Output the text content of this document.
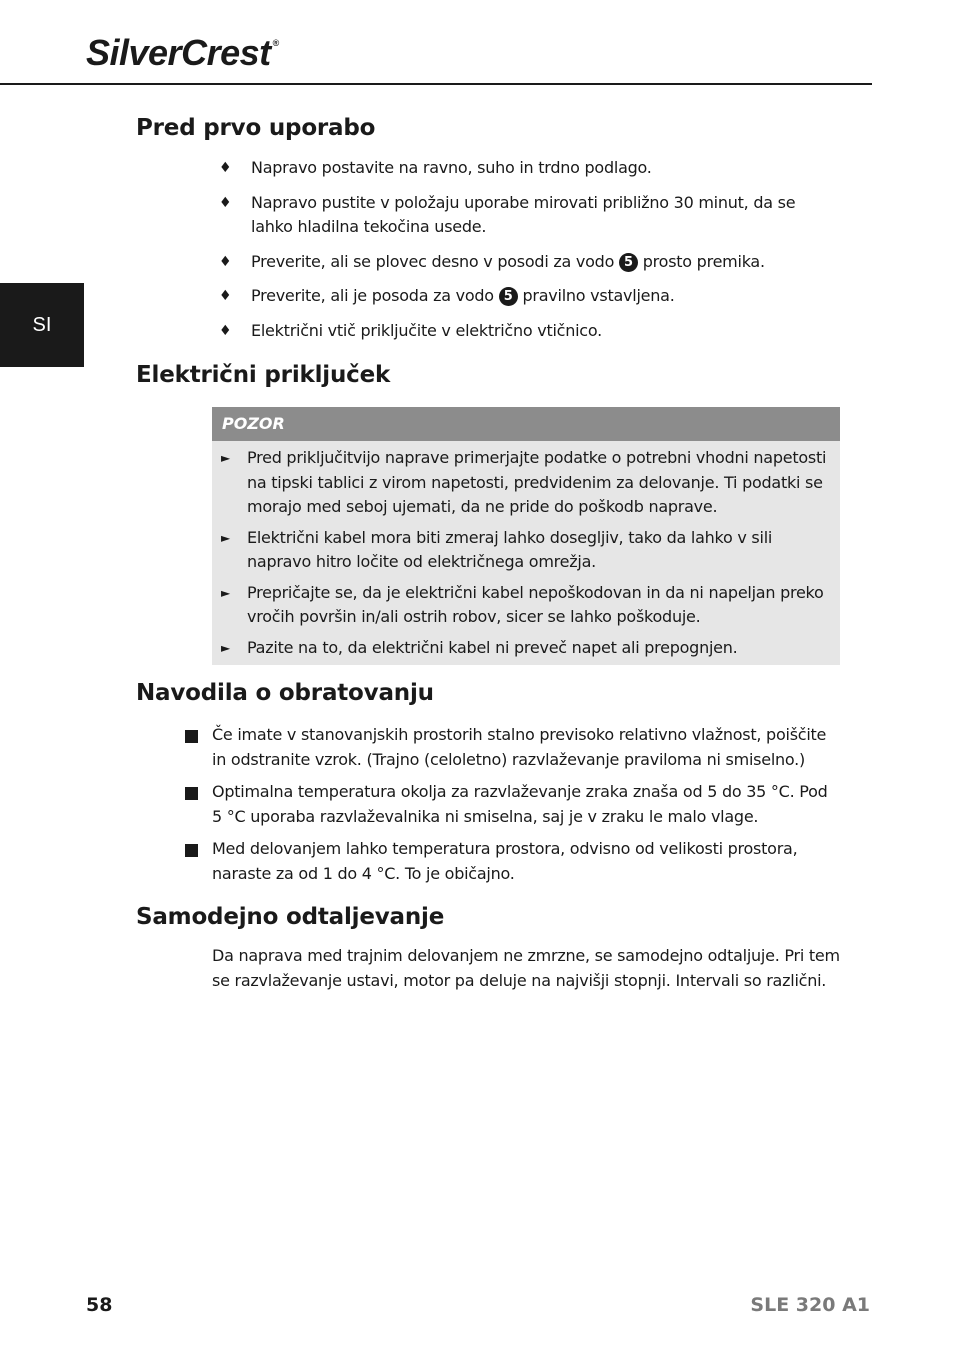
SilverCrest ®
SI
Pred prvo uporabo
♦ Napravo postavite na ravno, suho in trdno podlago.
♦ Napravo pustite v položaju uporabe mirovati približno 30 minut, da se lahko hladilna tekočina usede.
♦ Preverite, ali se plovec desno v posodi za vodo 5 prosto premika.
♦ Preverite, ali je posoda za vodo 5 pravilno vstavljena.
♦ Električni vtič priključite v električno vtičnico.
Električni priključek
POZOR
► Pred priključitvijo naprave primerjajte podatke o potrebni vhodni napetosti na tipski tablici z virom napetosti, predvidenim za delovanje. Ti podatki se morajo med seboj ujemati, da ne pride do poškodb naprave.
► Električni kabel mora biti zmeraj lahko dosegljiv, tako da lahko v sili napravo hitro ločite od električnega omrežja.
► Prepričajte se, da je električni kabel nepoškodovan in da ni napeljan preko vročih površin in/ali ostrih robov, sicer se lahko poškoduje.
► Pazite na to, da električni kabel ni preveč napet ali prepognjen.
Navodila o obratovanju
Če imate v stanovanjskih prostorih stalno previsoko relativno vlažnost, poiščite in odstranite vzrok. (Trajno (celoletno) razvlaževanje praviloma ni smiselno.)
Optimalna temperatura okolja za razvlaževanje zraka znaša od 5 do 35 °C. Pod 5 °C uporaba razvlaževalnika ni smiselna, saj je v zraku le malo vlage.
Med delovanjem lahko temperatura prostora, odvisno od velikosti prostora, naraste za od 1 do 4 °C. To je običajno.
Samodejno odtaljevanje

Da naprava med trajnim delovanjem ne zmrzne, se samodejno odtaljuje. Pri tem se razvlaževanje ustavi, motor pa deluje na najvišji stopnji. Intervali so različni.

58	SLE 320 A1
